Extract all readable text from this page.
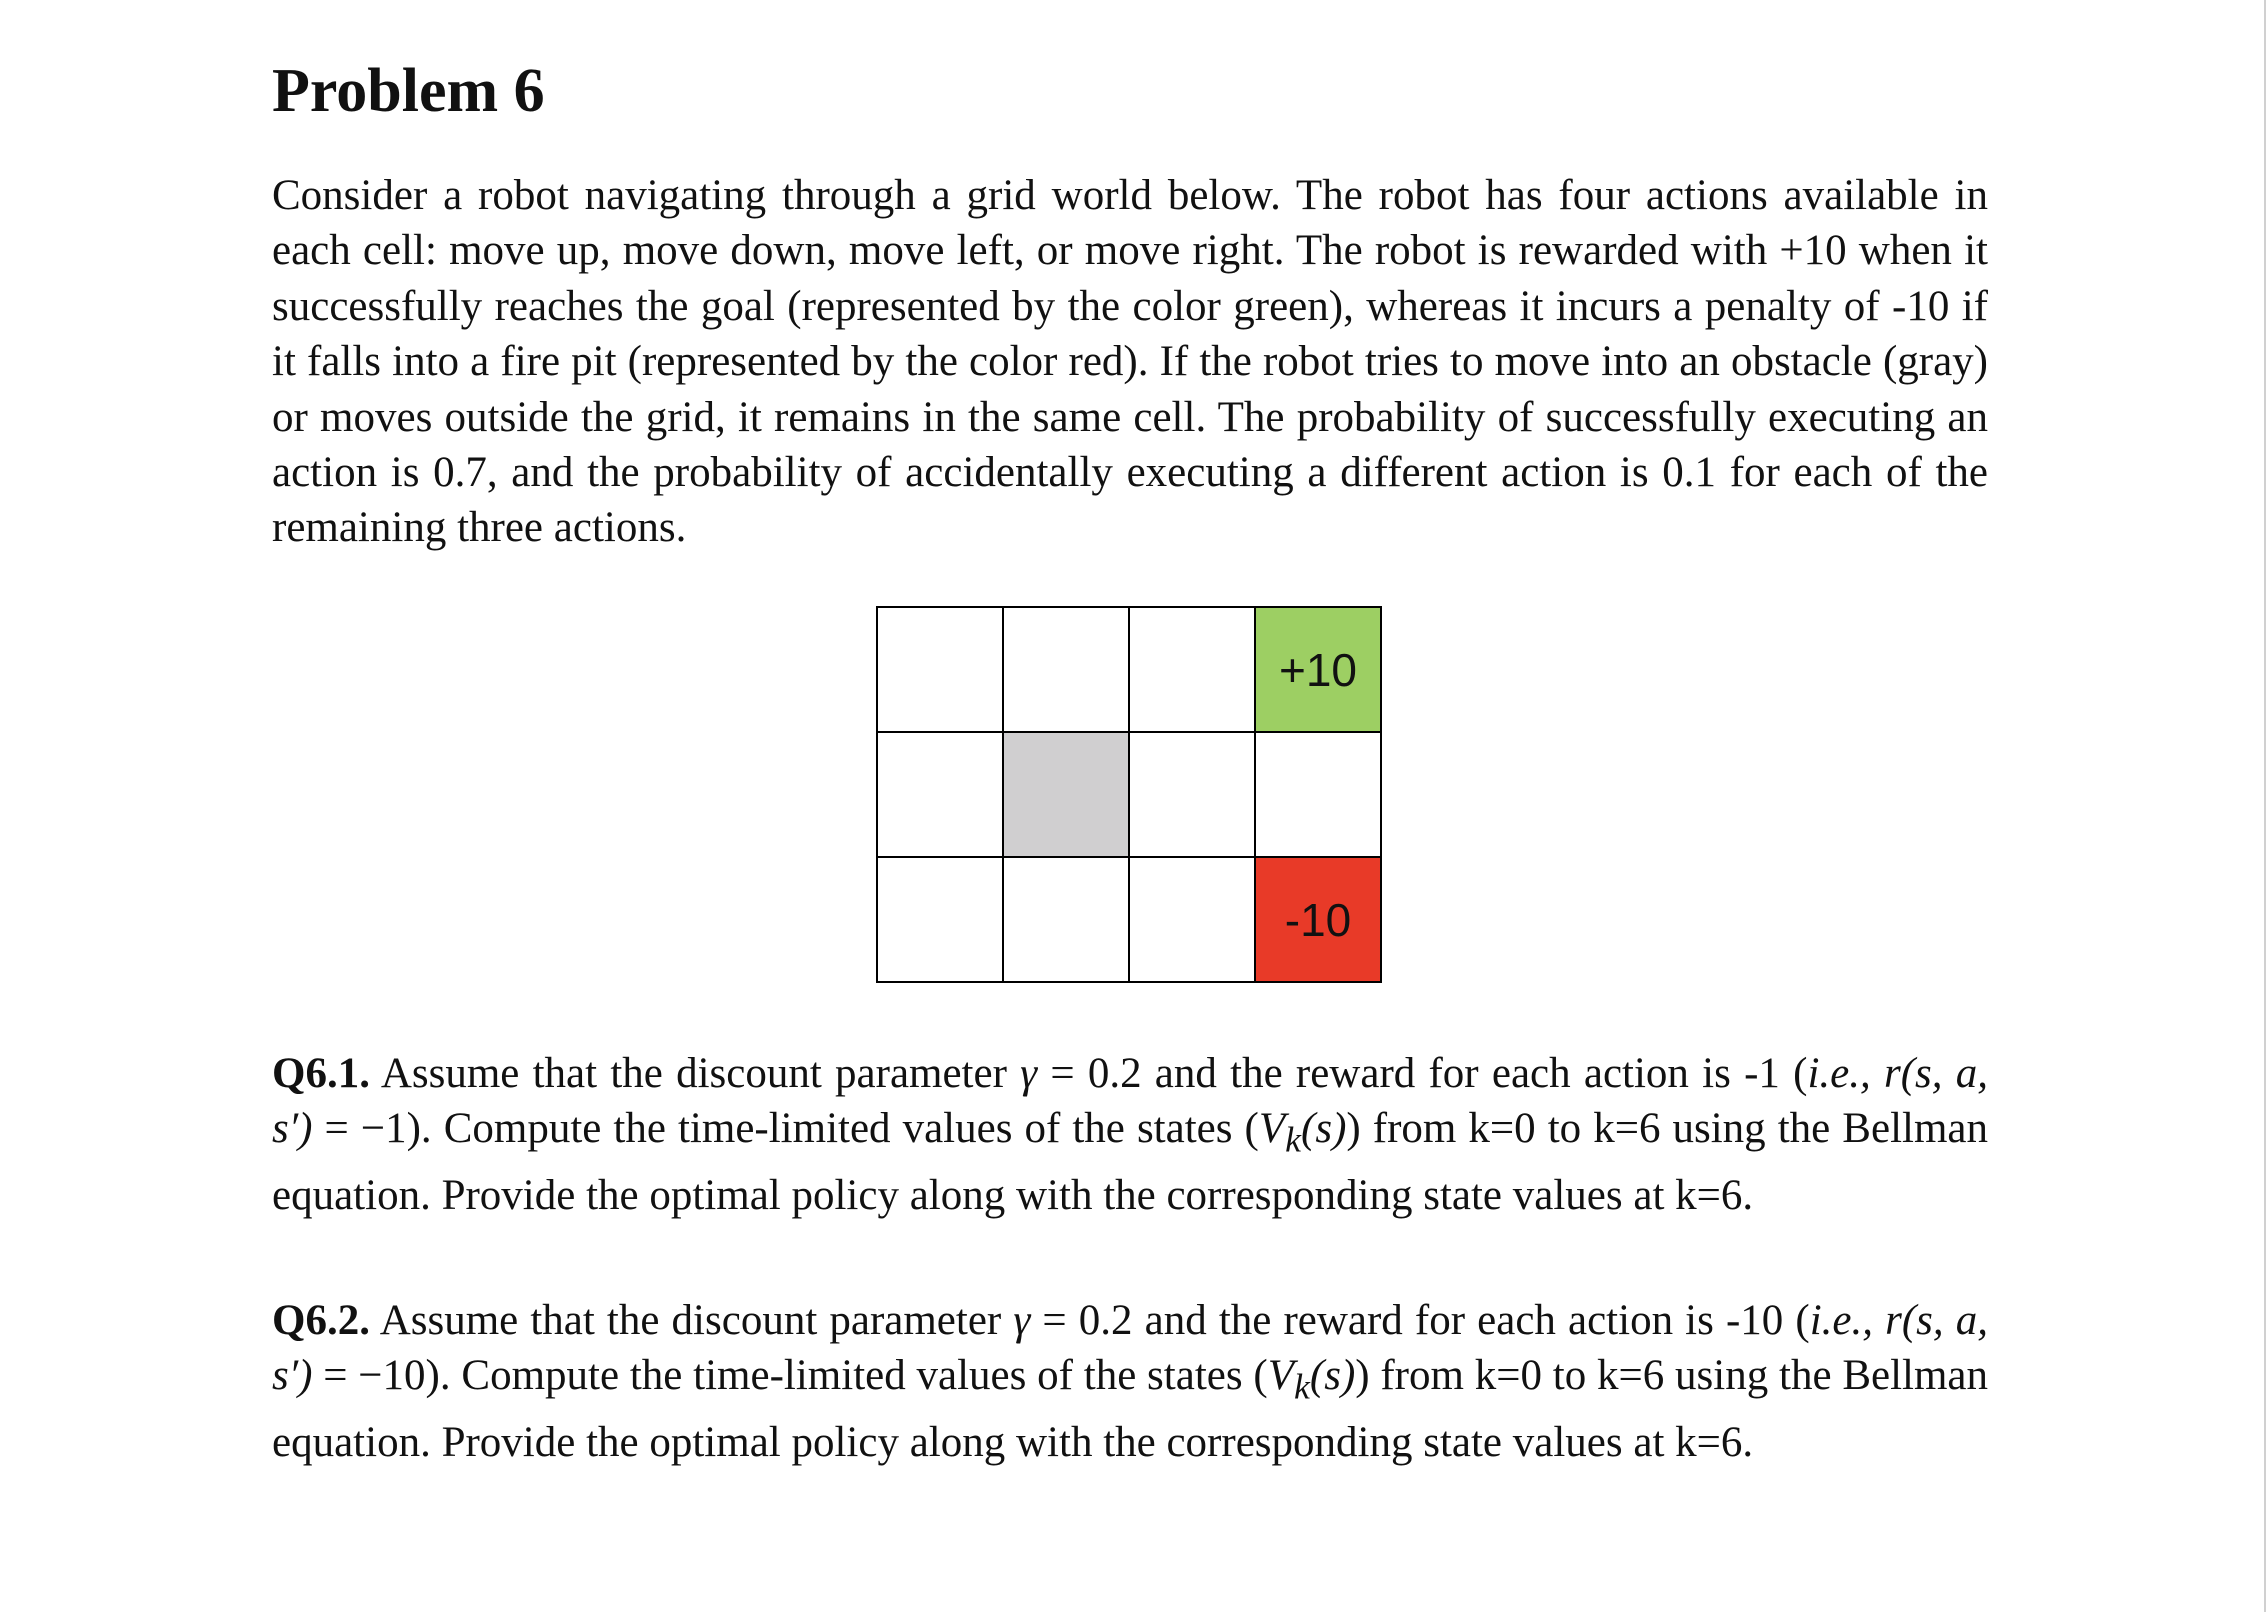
Problem 6

Consider a robot navigating through a grid world below. The robot has four actions available in each cell: move up, move down, move left, or move right. The robot is rewarded with +10 when it successfully reaches the goal (represented by the color green), whereas it incurs a penalty of -10 if it falls into a fire pit (represented by the color red). If the robot tries to move into an obstacle (gray) or moves outside the grid, it remains in the same cell. The probability of successfully executing an action is 0.7, and the probability of accidentally executing a different action is 0.1 for each of the remaining three actions.

			+10

			-10

Q6.1. Assume that the discount parameter γ = 0.2 and the reward for each action is -1 (i.e., r(s, a, s′) = −1). Compute the time-limited values of the states $(V_k(s))$ from k=0 to k=6 using the Bellman equation. Provide the optimal policy along with the corresponding state values at k=6.

Q6.2. Assume that the discount parameter γ = 0.2 and the reward for each action is -10 (i.e., r(s, a, s′) = −10). Compute the time-limited values of the states $(V_k(s))$ from k=0 to k=6 using the Bellman equation. Provide the optimal policy along with the corresponding state values at k=6.
